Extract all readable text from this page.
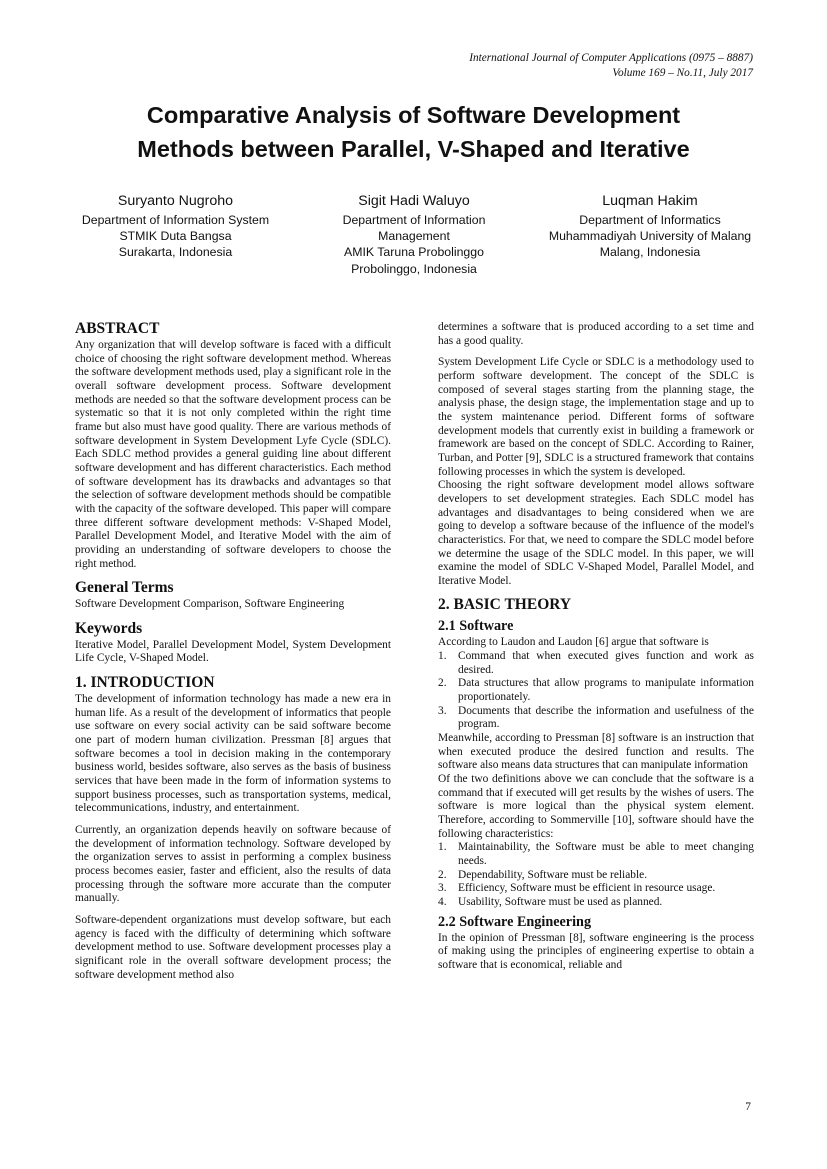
International Journal of Computer Applications (0975 – 8887)
Volume 169 – No.11, July 2017
Comparative Analysis of Software Development
Methods between Parallel, V-Shaped and Iterative
Suryanto Nugroho
Department of Information System
STMIK Duta Bangsa
Surakarta, Indonesia
Sigit Hadi Waluyo
Department of Information Management
AMIK Taruna Probolinggo
Probolinggo, Indonesia
Luqman Hakim
Department of Informatics
Muhammadiyah University of Malang
Malang, Indonesia
ABSTRACT

Any organization that will develop software is faced with a difficult choice of choosing the right software development method. Whereas the software development methods used, play a significant role in the overall software development process. Software development methods are needed so that the software development process can be systematic so that it is not only completed within the right time frame but also must have good quality. There are various methods of software development in System Development Lyfe Cycle (SDLC). Each SDLC method provides a general guiding line about different software development and has different characteristics. Each method of software development has its drawbacks and advantages so that the selection of software development methods should be compatible with the capacity of the software developed. This paper will compare three different software development methods: V-Shaped Model, Parallel Development Model, and Iterative Model with the aim of providing an understanding of software developers to choose the right method.

General Terms

Software Development Comparison, Software Engineering

Keywords

Iterative Model, Parallel Development Model, System Development Life Cycle, V-Shaped Model.

1. INTRODUCTION

The development of information technology has made a new era in human life. As a result of the development of informatics that people use software on every social activity can be said software become one part of modern human civilization. Pressman [8] argues that software becomes a tool in decision making in the contemporary business world, besides software, also serves as the basis of business services that have been made in the form of information systems to support business processes, such as transportation systems, medical, telecommunications, industry, and entertainment.

Currently, an organization depends heavily on software because of the development of information technology. Software developed by the organization serves to assist in performing a complex business process becomes easier, faster and efficient, also the results of data processing through the software more accurate than the computer manually.

Software-dependent organizations must develop software, but each agency is faced with the difficulty of determining which software development method to use. Software development processes play a significant role in the overall software development process; the software development method also

determines a software that is produced according to a set time and has a good quality.

System Development Life Cycle or SDLC is a methodology used to perform software development. The concept of the SDLC is composed of several stages starting from the planning stage, the analysis phase, the design stage, the implementation stage and up to the system maintenance period. Different forms of software development models that currently exist in building a framework or framework are based on the concept of SDLC. According to Rainer, Turban, and Potter [9], SDLC is a structured framework that contains following processes in which the system is developed.

Choosing the right software development model allows software developers to set development strategies. Each SDLC model has advantages and disadvantages to being considered when we are going to develop a software because of the influence of the model's characteristics. For that, we need to compare the SDLC model before we determine the usage of the SDLC model. In this paper, we will examine the model of SDLC V-Shaped Model, Parallel Model, and Iterative Model.

2. BASIC THEORY
2.1 Software

According to Laudon and Laudon [6] argue that software is

1. Command that when executed gives function and work as desired.
2. Data structures that allow programs to manipulate information proportionately.
3. Documents that describe the information and usefulness of the program.

Meanwhile, according to Pressman [8] software is an instruction that when executed produce the desired function and results. The software also means data structures that can manipulate information

Of the two definitions above we can conclude that the software is a command that if executed will get results by the wishes of users. The software is more logical than the physical system element. Therefore, according to Sommerville [10], software should have the following characteristics:

1. Maintainability, the Software must be able to meet changing needs.
2. Dependability, Software must be reliable.
3. Efficiency, Software must be efficient in resource usage.
4. Usability, Software must be used as planned.
2.2 Software Engineering

In the opinion of Pressman [8], software engineering is the process of making using the principles of engineering expertise to obtain a software that is economical, reliable and

7
